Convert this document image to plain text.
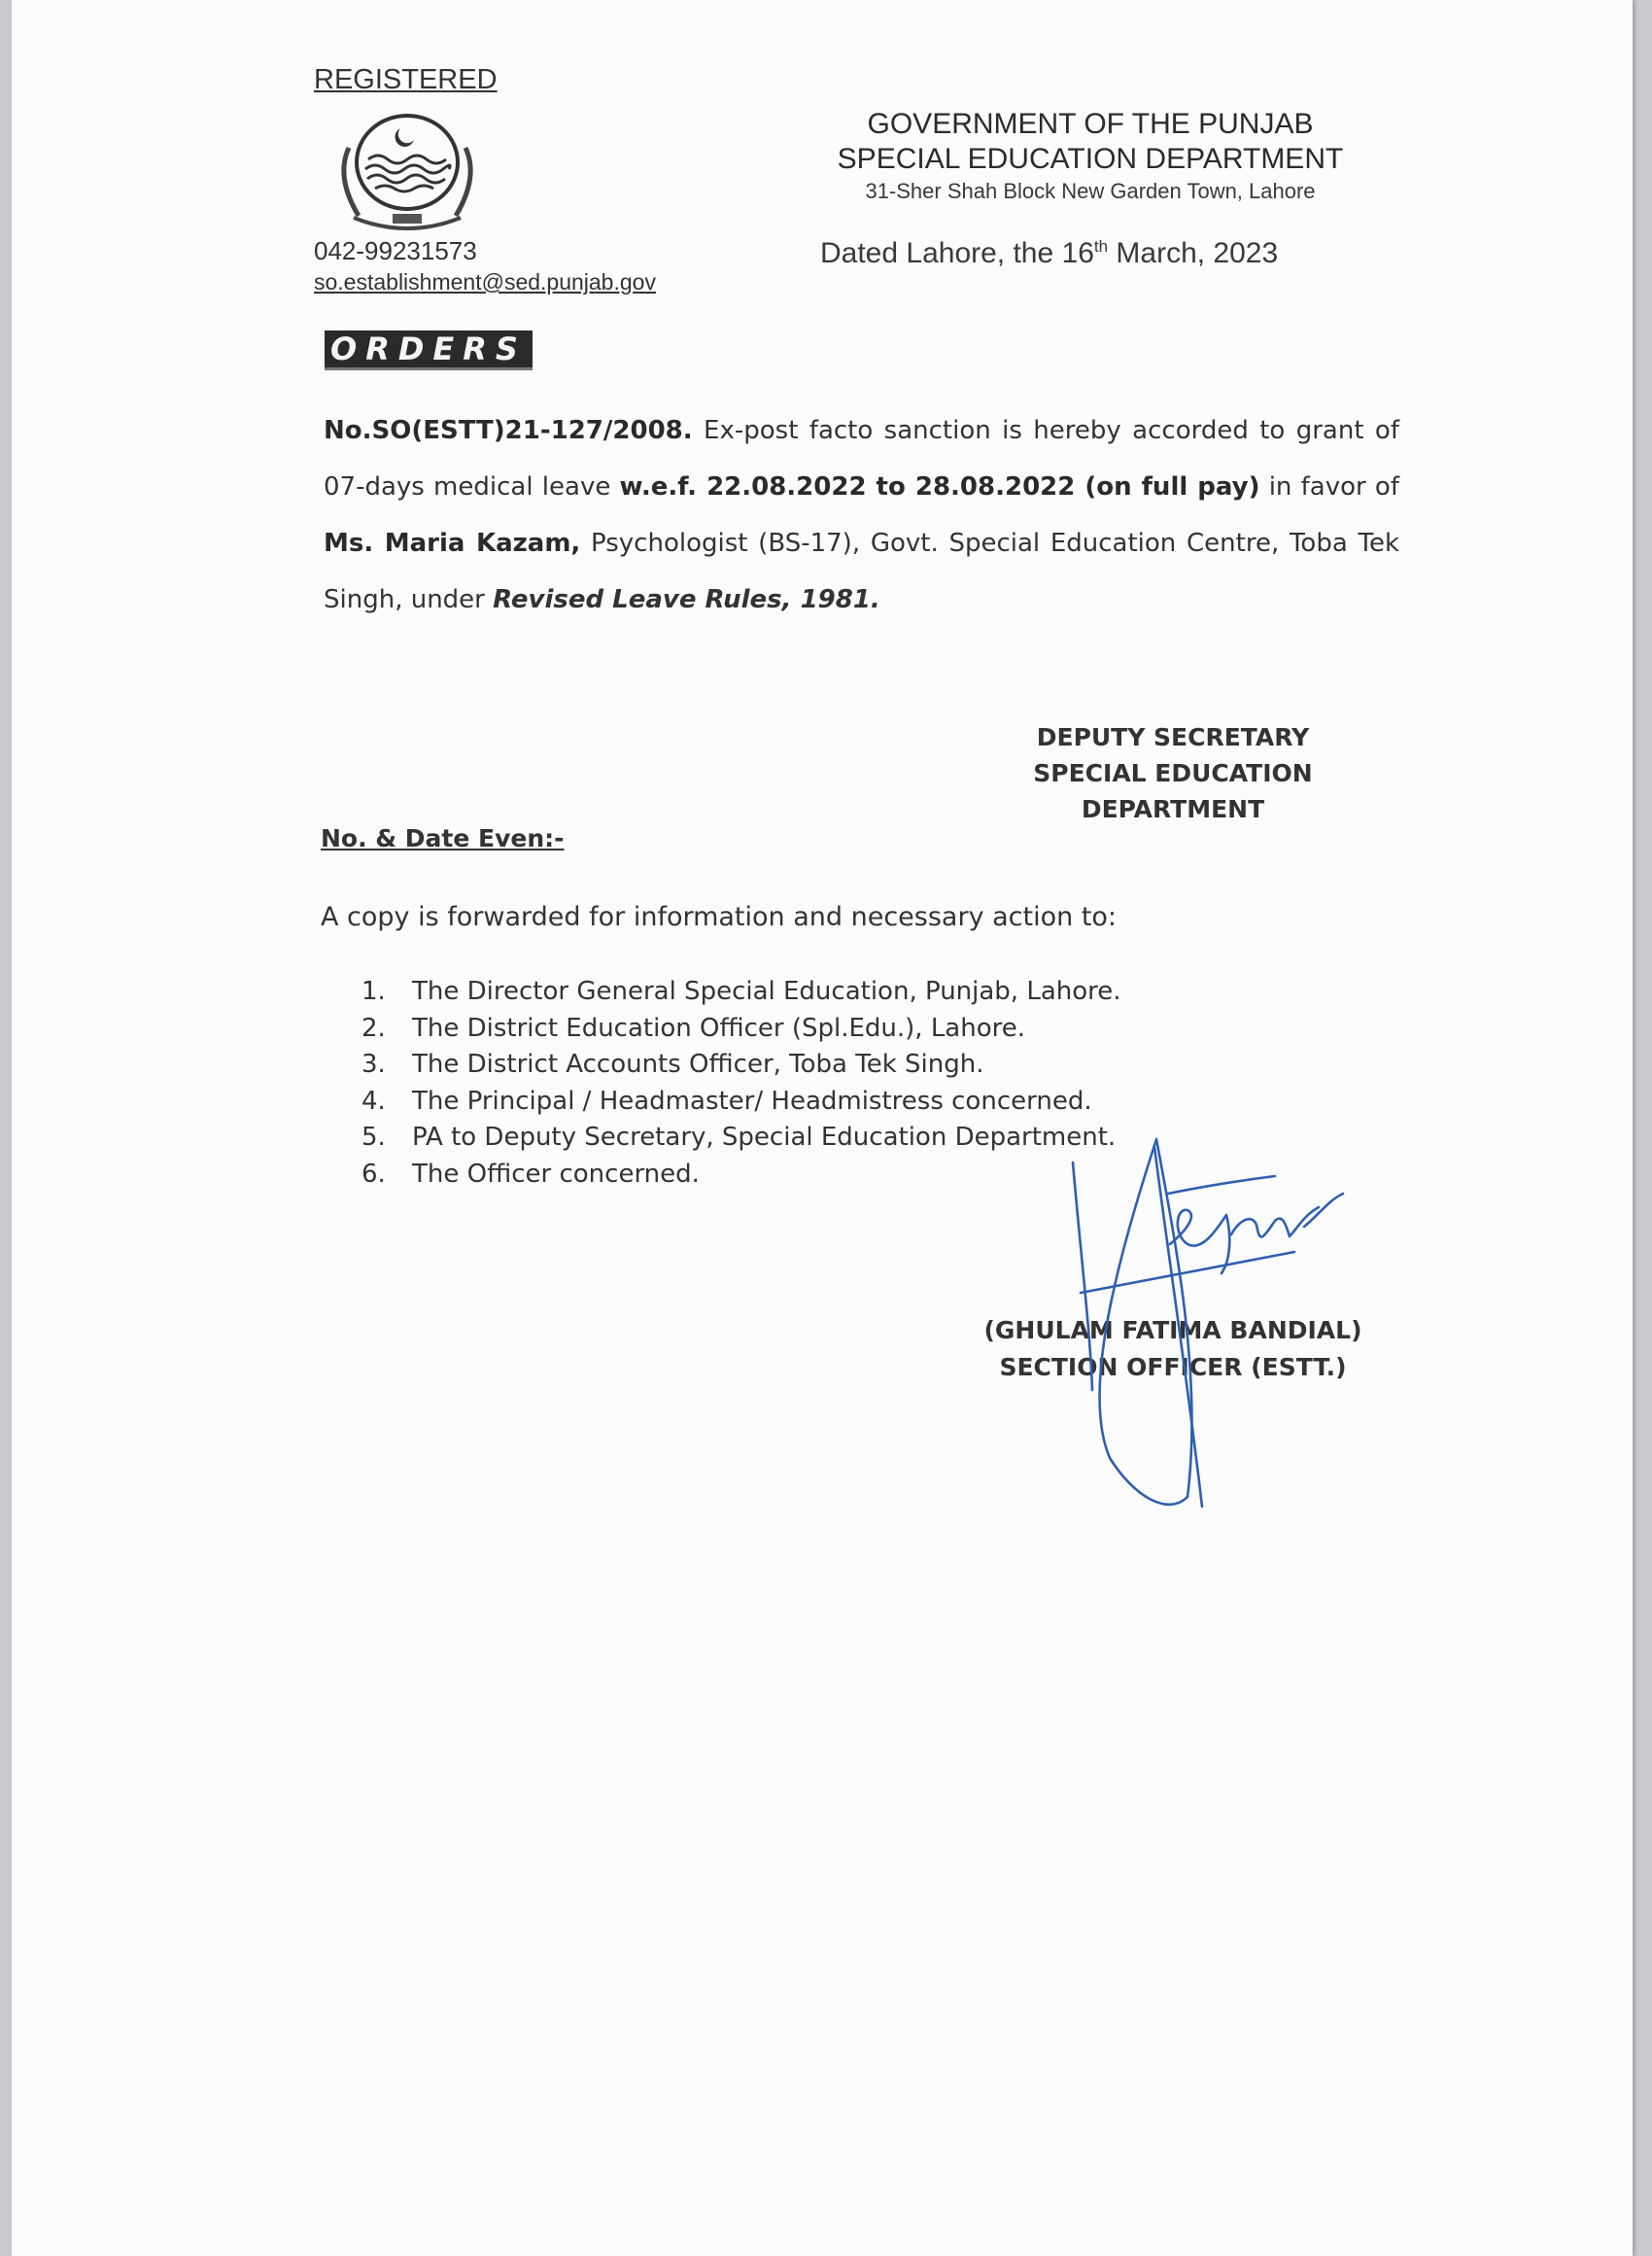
REGISTERED
042-99231573
so.establishment@sed.punjab.gov
GOVERNMENT OF THE PUNJAB
SPECIAL EDUCATION DEPARTMENT
31-Sher Shah Block New Garden Town, Lahore
Dated Lahore, the 16th March, 2023
ORDERS
No.SO(ESTT)21-127/2008. Ex-post facto sanction is hereby accorded to grant of 07-days medical leave w.e.f. 22.08.2022 to 28.08.2022 (on full pay) in favor of Ms. Maria Kazam, Psychologist (BS-17), Govt. Special Education Centre, Toba Tek Singh, under Revised Leave Rules, 1981.
DEPUTY SECRETARY
SPECIAL EDUCATION
DEPARTMENT
No. & Date Even:-
A copy is forwarded for information and necessary action to:
1. The Director General Special Education, Punjab, Lahore.
2. The District Education Officer (Spl.Edu.), Lahore.
3. The District Accounts Officer, Toba Tek Singh.
4. The Principal / Headmaster/ Headmistress concerned.
5. PA to Deputy Secretary, Special Education Department.
6. The Officer concerned.
(GHULAM FATIMA BANDIAL)
SECTION OFFICER (ESTT.)
